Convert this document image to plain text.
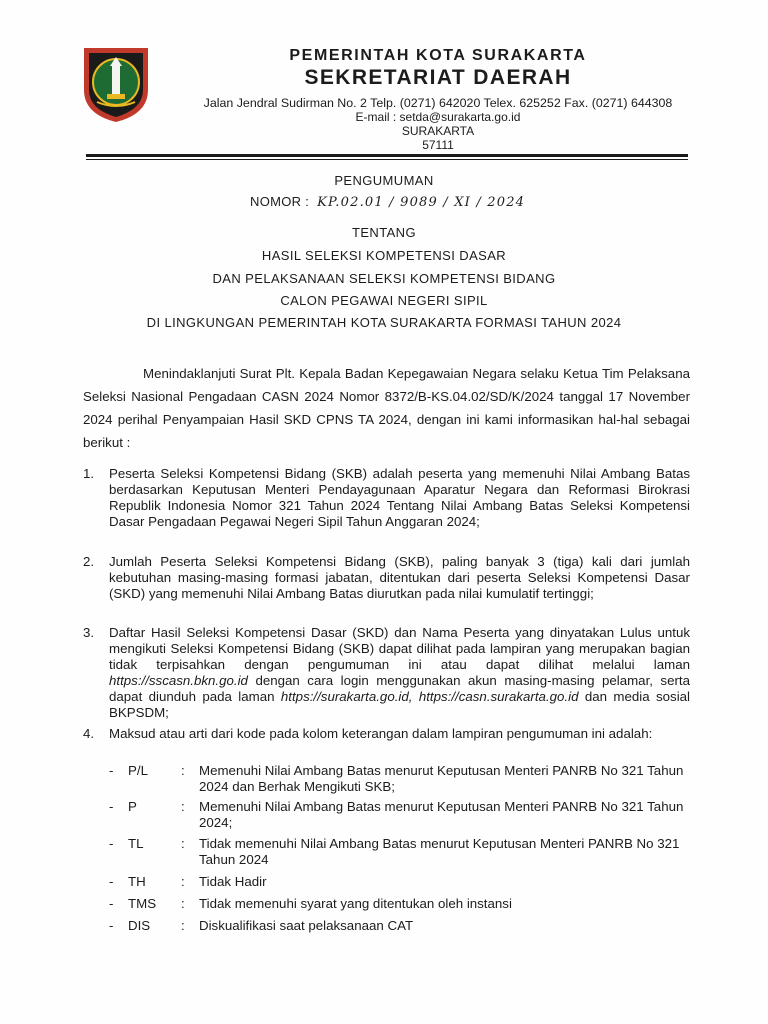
PEMERINTAH KOTA SURAKARTA
SEKRETARIAT DAERAH
Jalan Jendral Sudirman No. 2 Telp. (0271) 642020 Telex. 625252 Fax. (0271) 644308
E-mail : setda@surakarta.go.id
SURAKARTA
57111
PENGUMUMAN
NOMOR : KP.02.01 / 9089 / XI / 2024
TENTANG
HASIL SELEKSI KOMPETENSI DASAR
DAN PELAKSANAAN SELEKSI KOMPETENSI BIDANG
CALON PEGAWAI NEGERI SIPIL
DI LINGKUNGAN PEMERINTAH KOTA SURAKARTA FORMASI TAHUN 2024
Menindaklanjuti Surat Plt. Kepala Badan Kepegawaian Negara selaku Ketua Tim Pelaksana Seleksi Nasional Pengadaan CASN 2024 Nomor 8372/B-KS.04.02/SD/K/2024 tanggal 17 November 2024 perihal Penyampaian Hasil SKD CPNS TA 2024, dengan ini kami informasikan hal-hal sebagai berikut :
1.	Peserta Seleksi Kompetensi Bidang (SKB) adalah peserta yang memenuhi Nilai Ambang Batas berdasarkan Keputusan Menteri Pendayagunaan Aparatur Negara dan Reformasi Birokrasi Republik Indonesia Nomor 321 Tahun 2024 Tentang Nilai Ambang Batas Seleksi Kompetensi Dasar Pengadaan Pegawai Negeri Sipil Tahun Anggaran 2024;
2.	Jumlah Peserta Seleksi Kompetensi Bidang (SKB), paling banyak 3 (tiga) kali dari jumlah kebutuhan masing-masing formasi jabatan, ditentukan dari peserta Seleksi Kompetensi Dasar (SKD) yang memenuhi Nilai Ambang Batas diurutkan pada nilai kumulatif tertinggi;
3.	Daftar Hasil Seleksi Kompetensi Dasar (SKD) dan Nama Peserta yang dinyatakan Lulus untuk mengikuti Seleksi Kompetensi Bidang (SKB) dapat dilihat pada lampiran yang merupakan bagian tidak terpisahkan dengan pengumuman ini atau dapat dilihat melalui laman https://sscasn.bkn.go.id dengan cara login menggunakan akun masing-masing pelamar, serta dapat diunduh pada laman https://surakarta.go.id, https://casn.surakarta.go.id dan media sosial BKPSDM;
4.	Maksud atau arti dari kode pada kolom keterangan dalam lampiran pengumuman ini adalah:
- P/L : Memenuhi Nilai Ambang Batas menurut Keputusan Menteri PANRB No 321 Tahun 2024 dan Berhak Mengikuti SKB;
- P	: Memenuhi Nilai Ambang Batas menurut Keputusan Menteri PANRB No 321 Tahun 2024;
- TL	: Tidak memenuhi Nilai Ambang Batas menurut Keputusan Menteri PANRB No 321 Tahun 2024
- TH	: Tidak Hadir
- TMS : Tidak memenuhi syarat yang ditentukan oleh instansi
- DIS : Diskualifikasi saat pelaksanaan CAT
